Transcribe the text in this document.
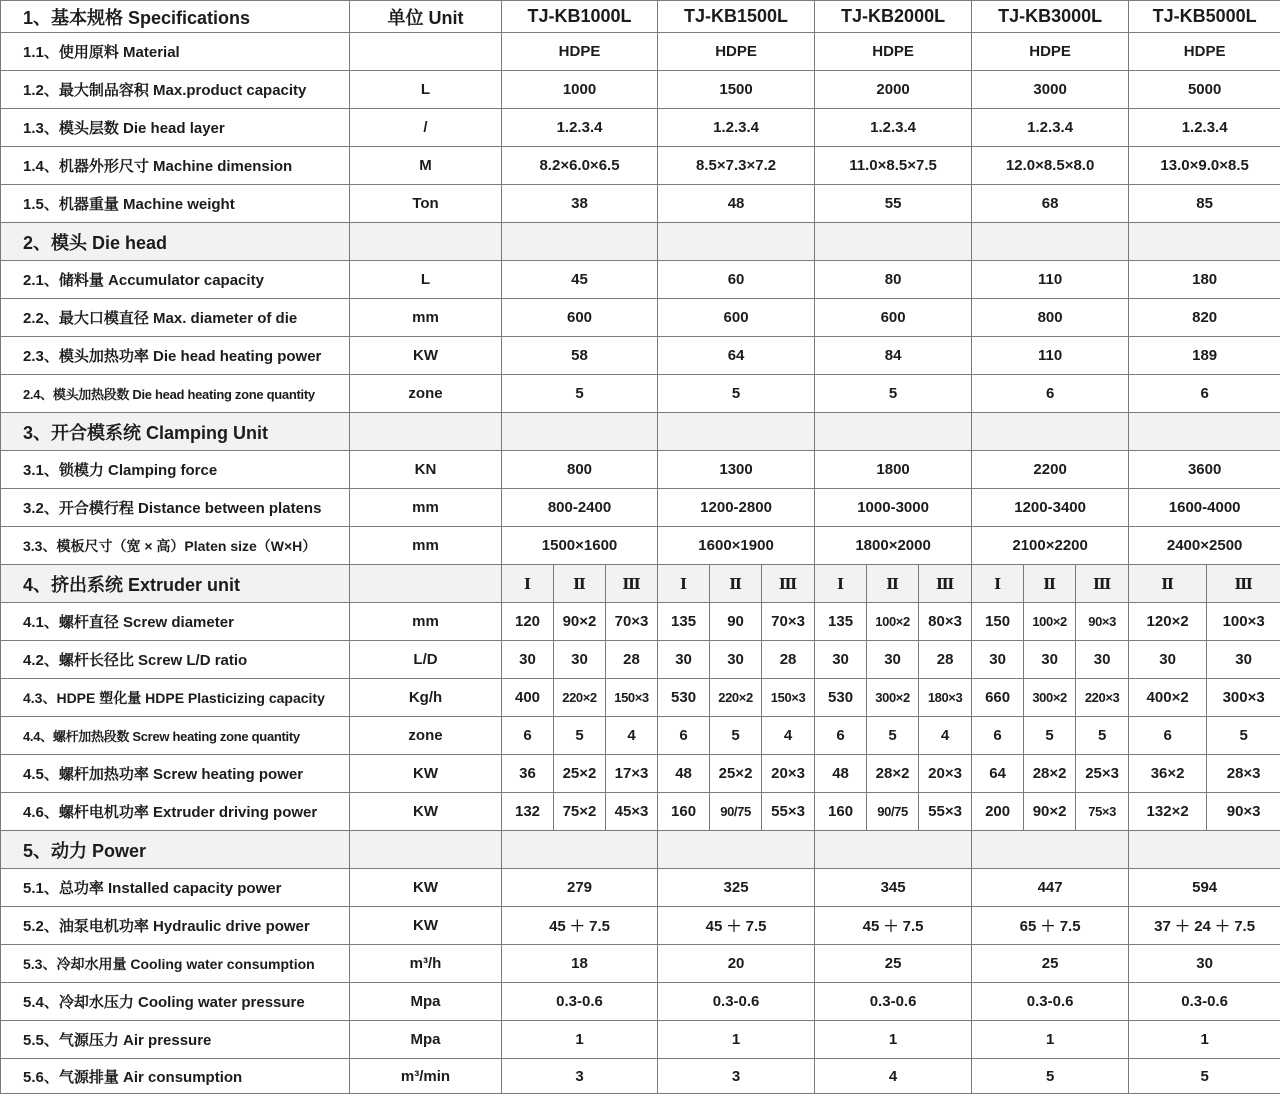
1、基本规格 Specifications	单位 Unit	TJ-KB1000L			TJ-KB1500L			TJ-KB2000L			TJ-KB3000L			TJ-KB5000L	
1.1、使用原料 Material		HDPE			HDPE			HDPE			HDPE			HDPE	
1.2、最大制品容积 Max.product capacity	L	1000			1500			2000			3000			5000	
1.3、模头层数 Die head layer	/	1.2.3.4			1.2.3.4			1.2.3.4			1.2.3.4			1.2.3.4	
1.4、机器外形尺寸 Machine dimension	M	8.2×6.0×6.5			8.5×7.3×7.2			11.0×8.5×7.5			12.0×8.5×8.0			13.0×9.0×8.5	
1.5、机器重量 Machine weight	Ton	38			48			55			68			85	
2、模头 Die head															
2.1、储料量 Accumulator capacity	L	45			60			80			110			180	
2.2、最大口模直径 Max. diameter of die	mm	600			600			600			800			820	
2.3、模头加热功率 Die head heating power	KW	58			64			84			110			189	
2.4、模头加热段数 Die head heating zone quantity	zone	5			5			5			6			6	
3、开合模系统 Clamping Unit															
3.1、锁模力 Clamping force	KN	800			1300			1800			2200			3600	
3.2、开合模行程 Distance between platens	mm	800-2400			1200-2800			1000-3000			1200-3400			1600-4000	
3.3、模板尺寸（宽 × 高）Platen size（W×H）	mm	1500×1600			1600×1900			1800×2000			2100×2200			2400×2500	
4、挤出系统 Extruder unit		Ⅰ	Ⅱ	Ⅲ	Ⅰ	Ⅱ	Ⅲ	Ⅰ	Ⅱ	Ⅲ	Ⅰ	Ⅱ	Ⅲ	Ⅱ	Ⅲ
4.1、螺杆直径 Screw diameter	mm	120	90×2	70×3	135	90	70×3	135	100×2	80×3	150	100×2	90×3	120×2	100×3
4.2、螺杆长径比 Screw L/D ratio	L/D	30	30	28	30	30	28	30	30	28	30	30	30	30	30
4.3、HDPE 塑化量 HDPE Plasticizing capacity	Kg/h	400	220×2	150×3	530	220×2	150×3	530	300×2	180×3	660	300×2	220×3	400×2	300×3
4.4、螺杆加热段数 Screw heating zone quantity	zone	6	5	4	6	5	4	6	5	4	6	5	5	6	5
4.5、螺杆加热功率 Screw heating power	KW	36	25×2	17×3	48	25×2	20×3	48	28×2	20×3	64	28×2	25×3	36×2	28×3
4.6、螺杆电机功率 Extruder driving power	KW	132	75×2	45×3	160	90/75	55×3	160	90/75	55×3	200	90×2	75×3	132×2	90×3
5、动力 Power															
5.1、总功率 Installed capacity power	KW	279			325			345			447			594	
5.2、油泵电机功率 Hydraulic drive power	KW	45 ＋ 7.5			45 ＋ 7.5			45 ＋ 7.5			65 ＋ 7.5			37 ＋ 24 ＋ 7.5	
5.3、冷却水用量 Cooling water consumption	m³/h	18			20			25			25			30	
5.4、冷却水压力 Cooling water pressure	Mpa	0.3-0.6			0.3-0.6			0.3-0.6			0.3-0.6			0.3-0.6	
5.5、气源压力 Air pressure	Mpa	1			1			1			1			1	
5.6、气源排量 Air consumption	m³/min	3			3			4			5			5	
